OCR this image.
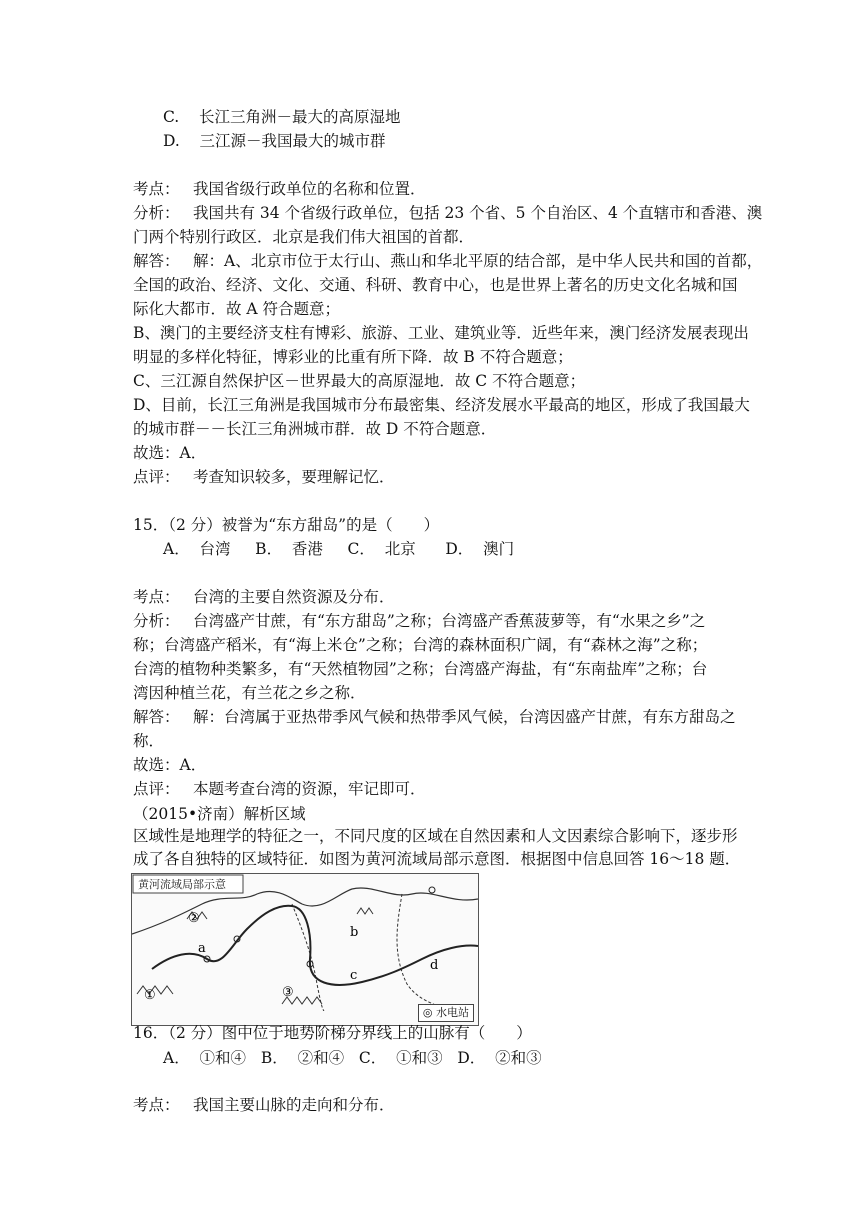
C. 长江三角洲－最大的高原湿地
D. 三江源－我国最大的城市群
考点： 我国省级行政单位的名称和位置．
分析： 我国共有 34 个省级行政单位，包括 23 个省、5 个自治区、4 个直辖市和香港、澳
门两个特别行政区．北京是我们伟大祖国的首都．
解答： 解：A、北京市位于太行山、燕山和华北平原的结合部，是中华人民共和国的首都，
全国的政治、经济、文化、交通、科研、教育中心，也是世界上著名的历史文化名城和国
际化大都市．故 A 符合题意；
B、澳门的主要经济支柱有博彩、旅游、工业、建筑业等．近些年来，澳门经济发展表现出
明显的多样化特征，博彩业的比重有所下降．故 B 不符合题意；
C、三江源自然保护区－世界最大的高原湿地．故 C 不符合题意；
D、目前，长江三角洲是我国城市分布最密集、经济发展水平最高的地区，形成了我国最大
的城市群－－长江三角洲城市群．故 D 不符合题意．
故选：A．
点评： 考查知识较多，要理解记忆．
15．（2 分）被誉为“东方甜岛”的是（　　）
A．  台湾     B．  香港     C．  北京      D．  澳门
考点： 台湾的主要自然资源及分布．
分析： 台湾盛产甘蔗，有“东方甜岛”之称；台湾盛产香蕉菠萝等，有“水果之乡”之
称；台湾盛产稻米，有“海上米仓”之称；台湾的森林面积广阔，有“森林之海”之称；
台湾的植物种类繁多，有“天然植物园”之称；台湾盛产海盐，有“东南盐库”之称；台
湾因种植兰花，有兰花之乡之称．
解答： 解：台湾属于亚热带季风气候和热带季风气候，台湾因盛产甘蔗，有东方甜岛之
称．
故选：A．
点评： 本题考查台湾的资源，牢记即可．
（2015•济南）解析区域
区域性是地理学的特征之一，不同尺度的区域在自然因素和人文因素综合影响下，逐步形
成了各自独特的区域特征．如图为黄河流域局部示意图．根据图中信息回答 16～18 题．
黄河流域局部示意
①
②
③
a
b
c
d
◎ 水电站
16．（2 分）图中位于地势阶梯分界线上的山脉有（　　）
A．  ①和④   B．  ②和④   C．  ①和③   D．  ②和③
考点： 我国主要山脉的走向和分布．
